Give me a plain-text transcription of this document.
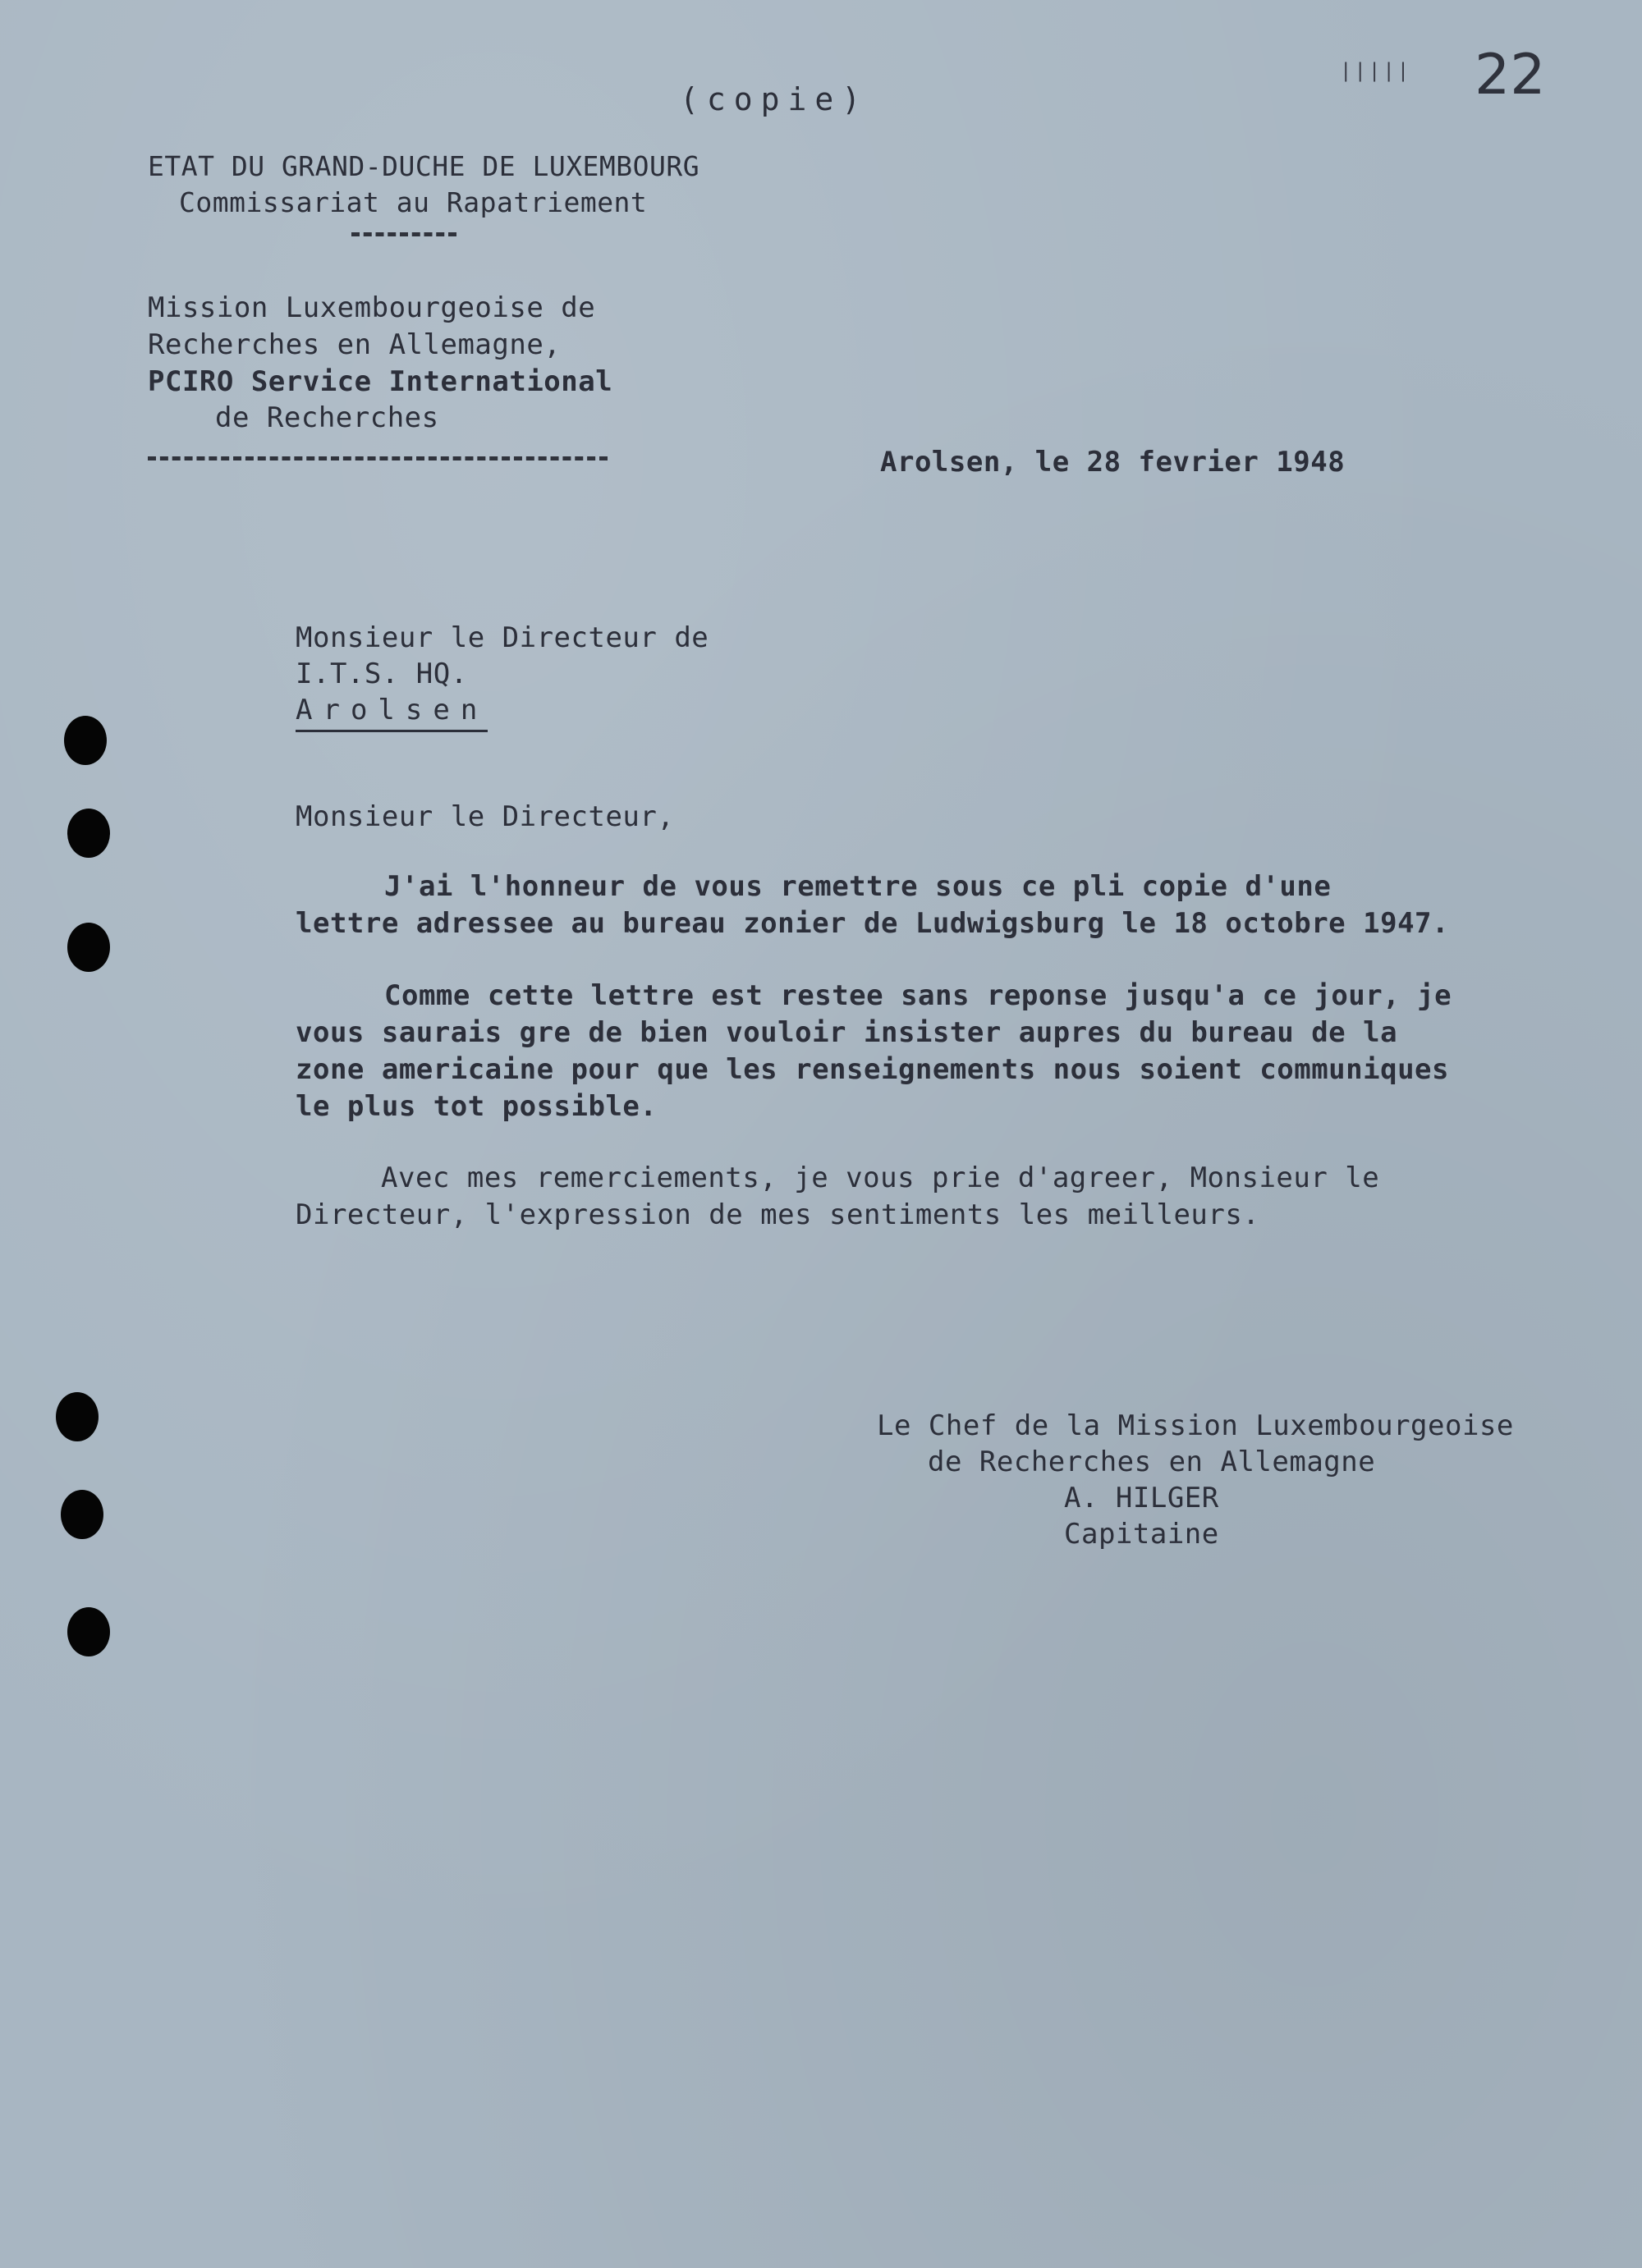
(copie)
||||| 22
ETAT DU GRAND-DUCHE DE LUXEMBOURG
Commissariat au Rapatriement
Mission Luxembourgeoise de
Recherches en Allemagne,
PCIRO Service International
de Recherches
Arolsen, le 28 fevrier 1948
Monsieur le Directeur de
I.T.S. HQ.
Arolsen
Monsieur le Directeur,
J'ai l'honneur de vous remettre sous ce pli copie d'une
lettre adressee au bureau zonier de Ludwigsburg le 18 octobre 1947.
Comme cette lettre est restee sans reponse jusqu'a ce jour, je
vous saurais gre de bien vouloir insister aupres du bureau de la
zone americaine pour que les renseignements nous soient communiques
le plus tot possible.
Avec mes remerciements, je vous prie d'agreer, Monsieur le
Directeur, l'expression de mes sentiments les meilleurs.
Le Chef de la Mission Luxembourgeoise
de Recherches en Allemagne
A. HILGER
Capitaine
